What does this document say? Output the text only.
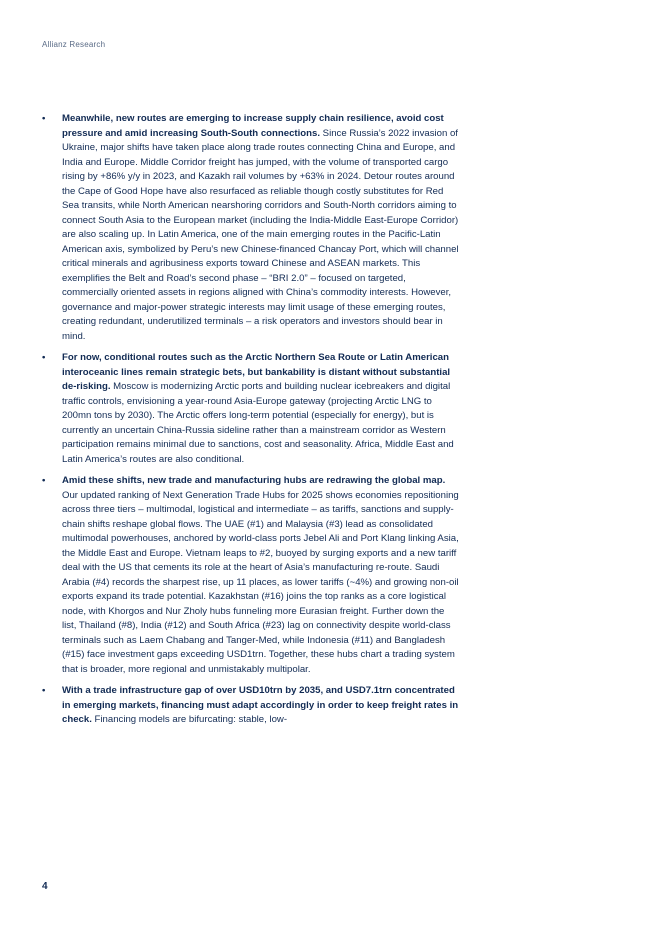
Allianz Research
• Meanwhile, new routes are emerging to increase supply chain resilience, avoid cost pressure and amid increasing South-South connections. Since Russia’s 2022 invasion of Ukraine, major shifts have taken place along trade routes connecting China and Europe, and India and Europe. Middle Corridor freight has jumped, with the volume of transported cargo rising by +86% y/y in 2023, and Kazakh rail volumes by +63% in 2024. Detour routes around the Cape of Good Hope have also resurfaced as reliable though costly substitutes for Red Sea transits, while North American nearshoring corridors and South-North corridors aiming to connect South Asia to the European market (including the India-Middle East-Europe Corridor) are also scaling up. In Latin America, one of the main emerging routes in the Pacific-Latin American axis, symbolized by Peru’s new Chinese-financed Chancay Port, which will channel critical minerals and agribusiness exports toward Chinese and ASEAN markets. This exemplifies the Belt and Road’s second phase – “BRI 2.0” – focused on targeted, commercially oriented assets in regions aligned with China’s commodity interests. However, governance and major-power strategic interests may limit usage of these emerging routes, creating redundant, underutilized terminals – a risk operators and investors should bear in mind.
• For now, conditional routes such as the Arctic Northern Sea Route or Latin American interoceanic lines remain strategic bets, but bankability is distant without substantial de-risking. Moscow is modernizing Arctic ports and building nuclear icebreakers and digital traffic controls, envisioning a year-round Asia-Europe gateway (projecting Arctic LNG to 200mn tons by 2030). The Arctic offers long-term potential (especially for energy), but is currently an uncertain China-Russia sideline rather than a mainstream corridor as Western participation remains minimal due to sanctions, cost and seasonality. Africa, Middle East and Latin America’s routes are also conditional.
• Amid these shifts, new trade and manufacturing hubs are redrawing the global map. Our updated ranking of Next Generation Trade Hubs for 2025 shows economies repositioning across three tiers – multimodal, logistical and intermediate – as tariffs, sanctions and supply-chain shifts reshape global flows. The UAE (#1) and Malaysia (#3) lead as consolidated multimodal powerhouses, anchored by world-class ports Jebel Ali and Port Klang linking Asia, the Middle East and Europe. Vietnam leaps to #2, buoyed by surging exports and a new tariff deal with the US that cements its role at the heart of Asia’s manufacturing re-route. Saudi Arabia (#4) records the sharpest rise, up 11 places, as lower tariffs (~4%) and growing non-oil exports expand its trade potential. Kazakhstan (#16) joins the top ranks as a core logistical node, with Khorgos and Nur Zholy hubs funneling more Eurasian freight. Further down the list, Thailand (#8), India (#12) and South Africa (#23) lag on connectivity despite world-class terminals such as Laem Chabang and Tanger-Med, while Indonesia (#11) and Bangladesh (#15) face investment gaps exceeding USD1trn. Together, these hubs chart a trading system that is broader, more regional and unmistakably multipolar.
• With a trade infrastructure gap of over USD10trn by 2035, and USD7.1trn concentrated in emerging markets, financing must adapt accordingly in order to keep freight rates in check. Financing models are bifurcating: stable, low-
4
